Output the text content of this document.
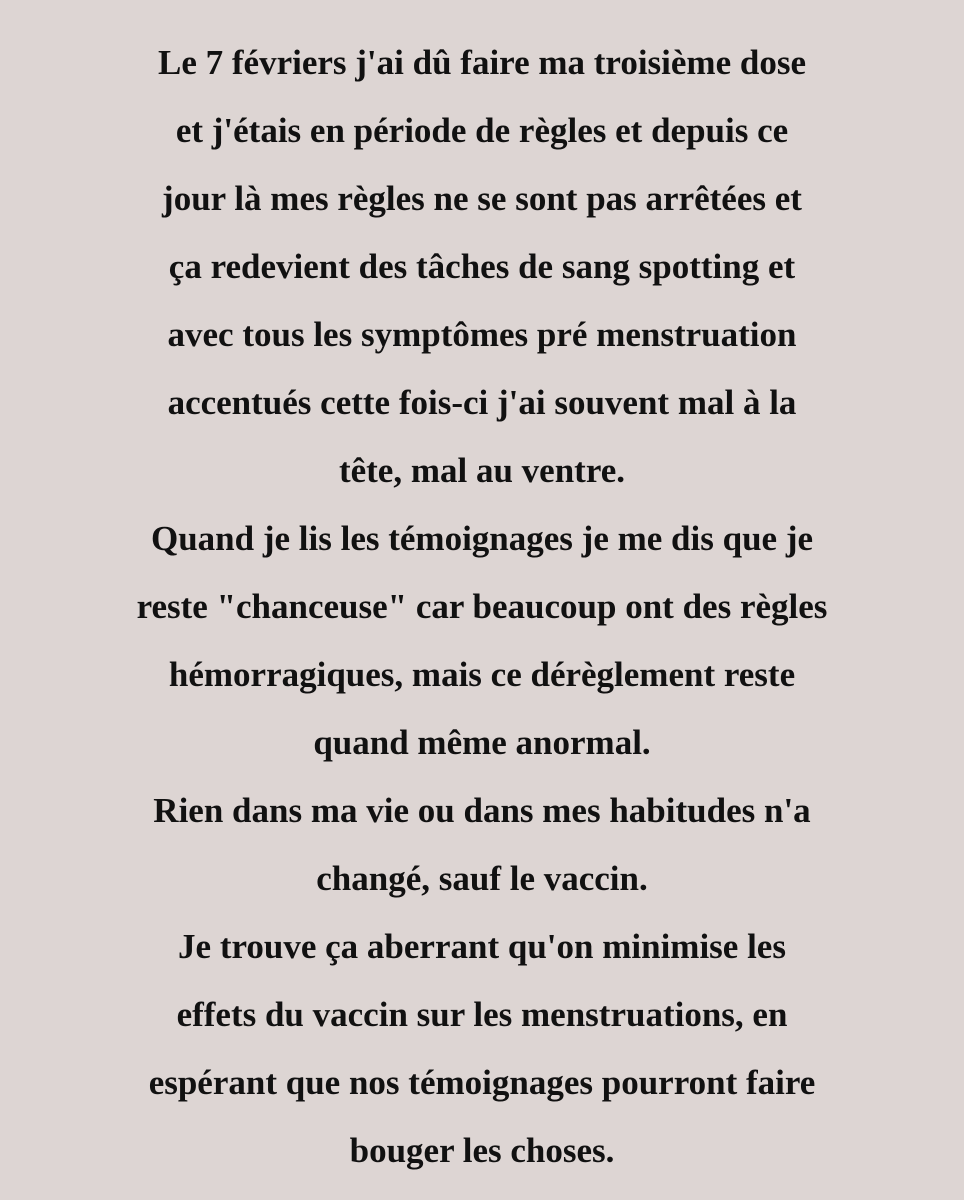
Le 7 févriers j'ai dû faire ma troisième dose
et j'étais en période de règles et depuis ce
jour là mes règles ne se sont pas arrêtées et
ça redevient des tâches de sang spotting et
avec tous les symptômes pré menstruation
accentués cette fois-ci j'ai souvent mal à la
tête, mal au ventre.
Quand je lis les témoignages je me dis que je
reste "chanceuse" car beaucoup ont des règles
hémorragiques, mais ce dérèglement reste
quand même anormal.
Rien dans ma vie ou dans mes habitudes n'a
changé, sauf le vaccin.
Je trouve ça aberrant qu'on minimise les
effets du vaccin sur les menstruations, en
espérant que nos témoignages pourront faire
bouger les choses.
